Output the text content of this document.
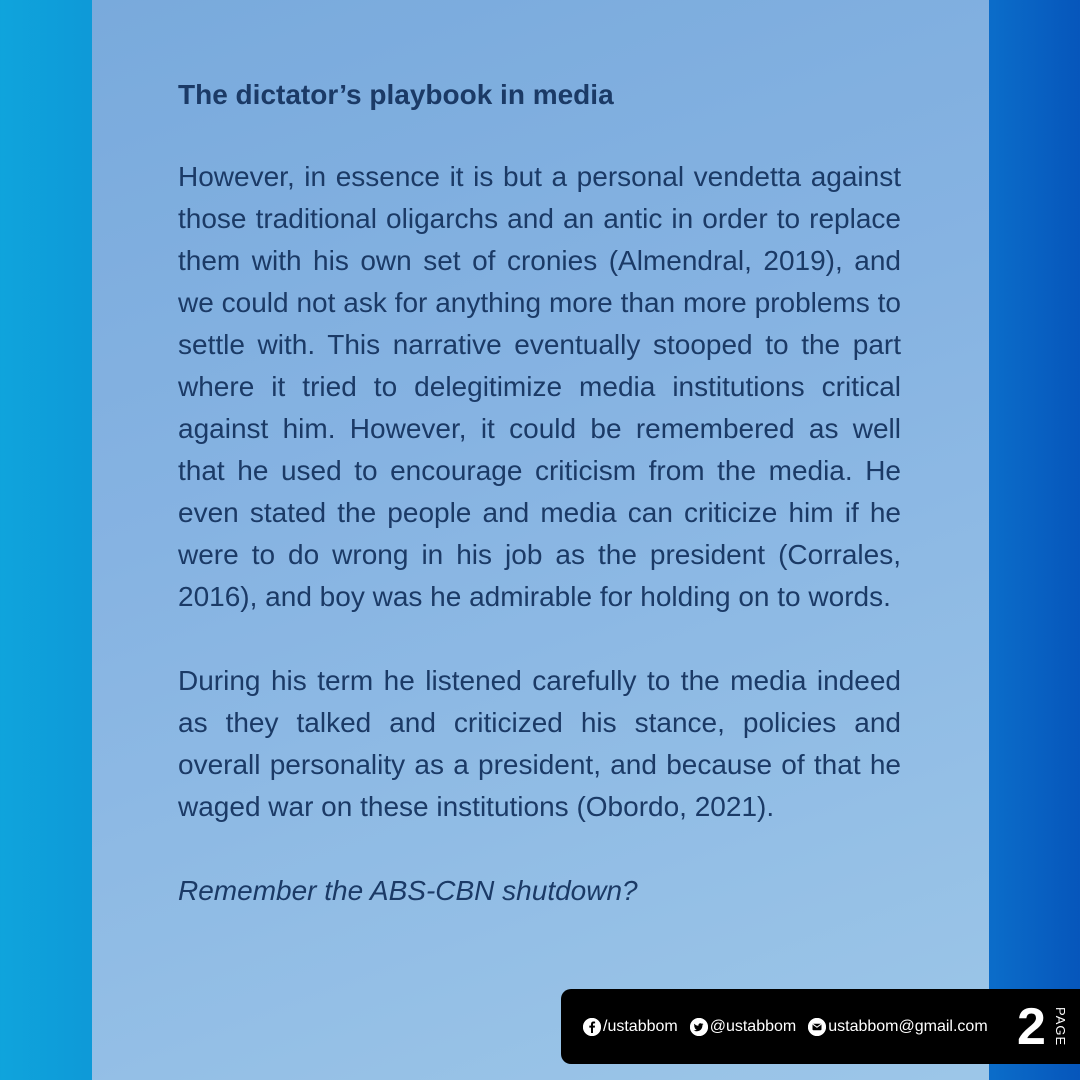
The dictator’s playbook in media

However, in essence it is but a personal vendetta against those traditional oligarchs and an antic in order to replace them with his own set of cronies (Almendral, 2019), and we could not ask for anything more than more problems to settle with. This narrative eventually stooped to the part where it tried to delegitimize media institutions critical against him. However, it could be remembered as well that he used to encourage criticism from the media. He even stated the people and media can criticize him if he were to do wrong in his job as the president (Corrales, 2016), and boy was he admirable for holding on to words.

During his term he listened carefully to the media indeed as they talked and criticized his stance, policies and overall personality as a president, and because of that he waged war on these institutions (Obordo, 2021).

Remember the ABS-CBN shutdown?

/ustabbom @ustabbom ustabbom@gmail.com 2 PAGE
